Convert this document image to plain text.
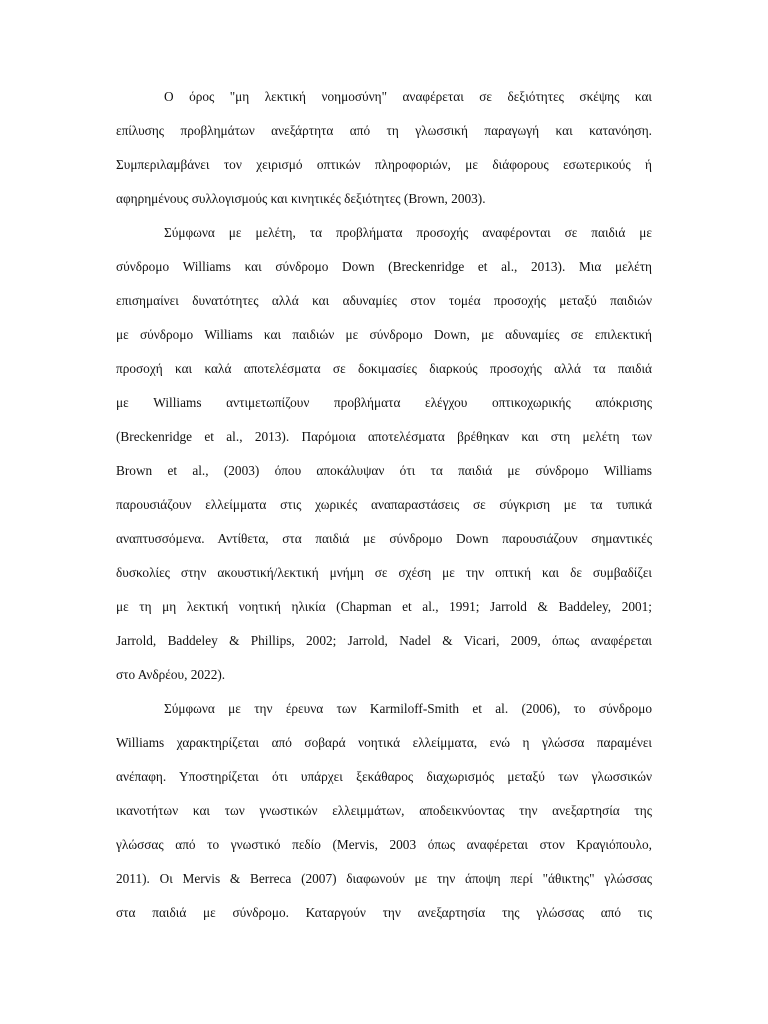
Ο όρος "μη λεκτική νοημοσύνη" αναφέρεται σε δεξιότητες σκέψης και
επίλυσης προβλημάτων ανεξάρτητα από τη γλωσσική παραγωγή και κατανόηση.
Συμπεριλαμβάνει τον χειρισμό οπτικών πληροφοριών, με διάφορους εσωτερικούς ή
αφηρημένους συλλογισμούς και κινητικές δεξιότητες (Brown, 2003).
Σύμφωνα με μελέτη, τα προβλήματα προσοχής αναφέρονται σε παιδιά με
σύνδρομο Williams και σύνδρομο Down (Breckenridge et al., 2013). Μια μελέτη
επισημαίνει δυνατότητες αλλά και αδυναμίες στον τομέα προσοχής μεταξύ παιδιών
με σύνδρομο Williams και παιδιών με σύνδρομο Down, με αδυναμίες σε επιλεκτική
προσοχή και καλά αποτελέσματα σε δοκιμασίες διαρκούς προσοχής αλλά τα παιδιά
με Williams αντιμετωπίζουν προβλήματα ελέγχου οπτικοχωρικής απόκρισης
(Breckenridge et al., 2013). Παρόμοια αποτελέσματα βρέθηκαν και στη μελέτη των
Brown et al., (2003) όπου αποκάλυψαν ότι τα παιδιά με σύνδρομο Williams
παρουσιάζουν ελλείμματα στις χωρικές αναπαραστάσεις σε σύγκριση με τα τυπικά
αναπτυσσόμενα. Αντίθετα, στα παιδιά με σύνδρομο Down παρουσιάζουν σημαντικές
δυσκολίες στην ακουστική/λεκτική μνήμη σε σχέση με την οπτική και δε συμβαδίζει
με τη μη λεκτική νοητική ηλικία (Chapman et al., 1991; Jarrold & Baddeley, 2001;
Jarrold, Baddeley & Phillips, 2002; Jarrold, Nadel & Vicari, 2009, όπως αναφέρεται
στο Ανδρέου, 2022).
Σύμφωνα με την έρευνα των Karmiloff-Smith et al. (2006), το σύνδρομο
Williams χαρακτηρίζεται από σοβαρά νοητικά ελλείμματα, ενώ η γλώσσα παραμένει
ανέπαφη. Υποστηρίζεται ότι υπάρχει ξεκάθαρος διαχωρισμός μεταξύ των γλωσσικών
ικανοτήτων και των γνωστικών ελλειμμάτων, αποδεικνύοντας την ανεξαρτησία της
γλώσσας από το γνωστικό πεδίο (Mervis, 2003 όπως αναφέρεται στον Κραγιόπουλο,
2011). Οι Mervis & Berreca (2007) διαφωνούν με την άποψη περί "άθικτης" γλώσσας
στα παιδιά με σύνδρομο. Καταργούν την ανεξαρτησία της γλώσσας από τις
